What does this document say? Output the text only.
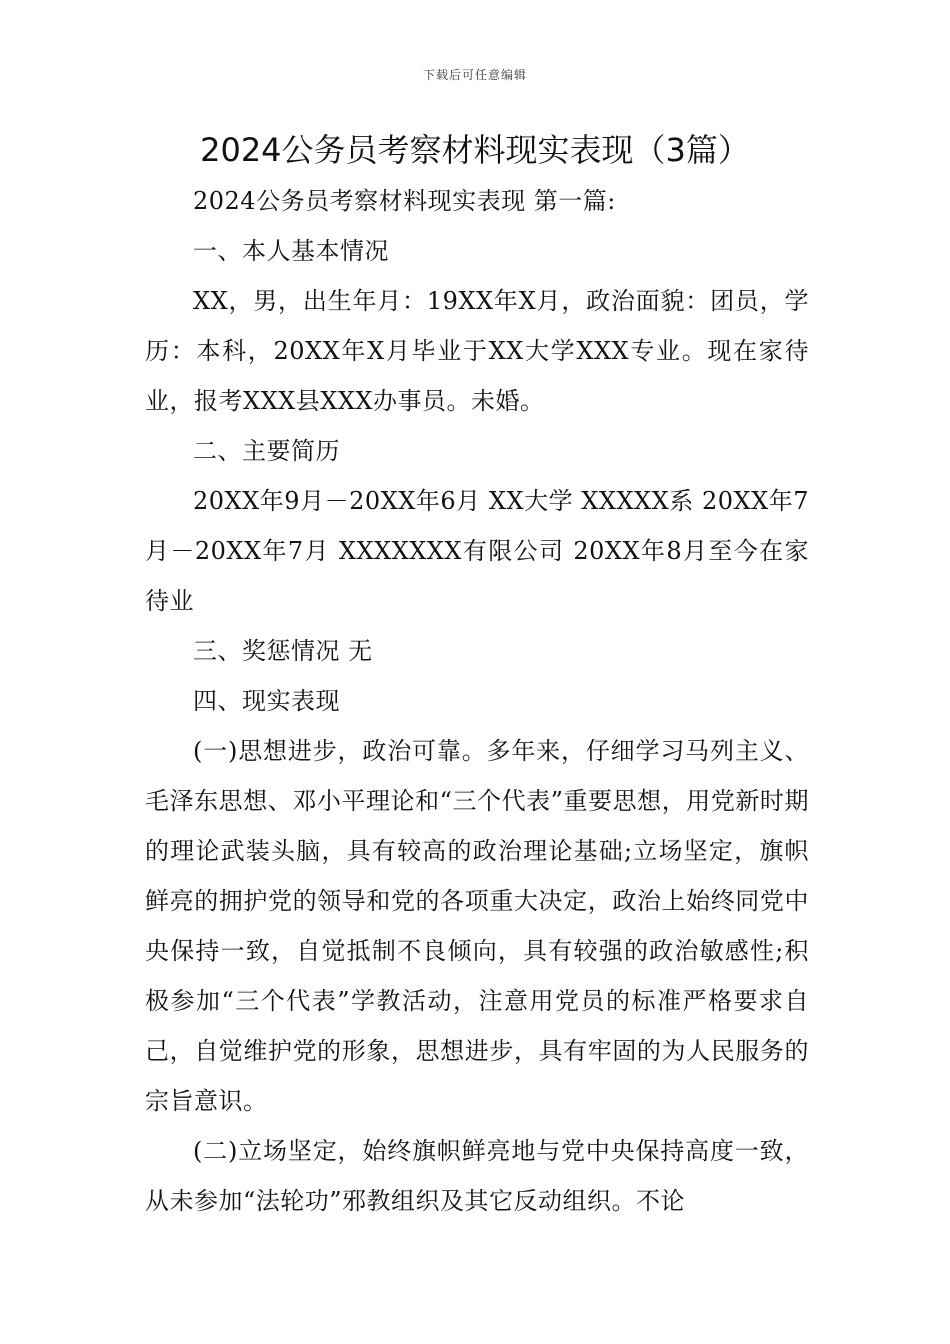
下载后可任意编辑
2024公务员考察材料现实表现（3篇）

2024公务员考察材料现实表现 第一篇:

一、本人基本情况

XX，男，出生年月：19XX年X月，政治面貌：团员，学历：本科，20XX年X月毕业于XX大学XXX专业。现在家待业，报考XXX县XXX办事员。未婚。

二、主要简历

20XX年9月－20XX年6月 XX大学 XXXXX系 20XX年7月－20XX年7月 XXXXXXX有限公司 20XX年8月至今在家待业

三、奖惩情况 无

四、现实表现

(一)思想进步，政治可靠。多年来，仔细学习马列主义、毛泽东思想、邓小平理论和“三个代表”重要思想，用党新时期的理论武装头脑，具有较高的政治理论基础;立场坚定，旗帜鲜亮的拥护党的领导和党的各项重大决定，政治上始终同党中央保持一致，自觉抵制不良倾向，具有较强的政治敏感性;积极参加“三个代表”学教活动，注意用党员的标准严格要求自己，自觉维护党的形象，思想进步，具有牢固的为人民服务的宗旨意识。

(二)立场坚定，始终旗帜鲜亮地与党中央保持高度一致，从未参加“法轮功”邪教组织及其它反动组织。不论
